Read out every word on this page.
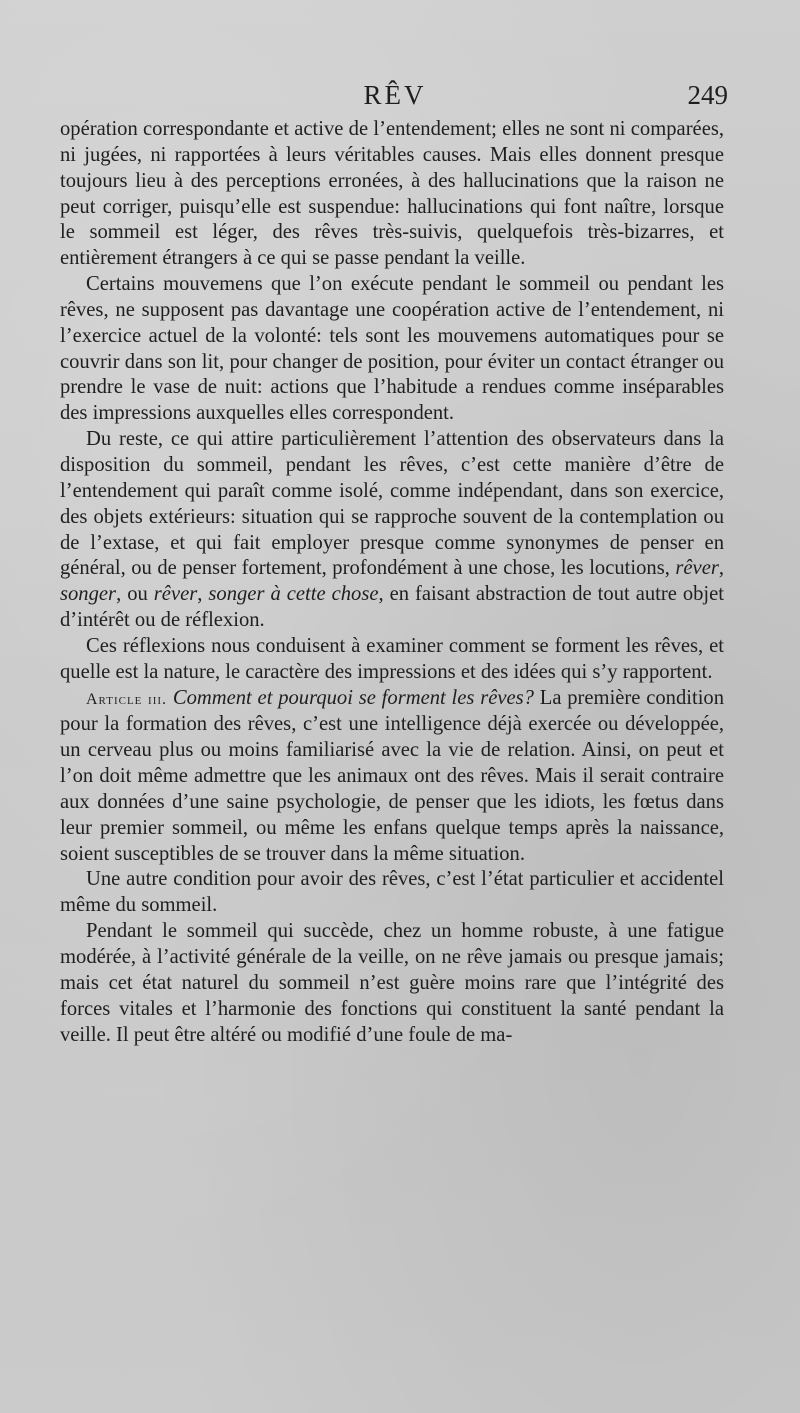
RÊV	249

opération correspondante et active de l’entendement; elles ne sont ni comparées, ni jugées, ni rapportées à leurs véritables causes. Mais elles donnent presque toujours lieu à des perceptions erronées, à des hallucinations que la raison ne peut corriger, puisqu’elle est suspendue: hallucinations qui font naître, lorsque le sommeil est léger, des rêves très-suivis, quelquefois très-bizarres, et entièrement étrangers à ce qui se passe pendant la veille.

Certains mouvemens que l’on exécute pendant le sommeil ou pendant les rêves, ne supposent pas davantage une coopération active de l’entendement, ni l’exercice actuel de la volonté: tels sont les mouvemens automatiques pour se couvrir dans son lit, pour changer de position, pour éviter un contact étranger ou prendre le vase de nuit: actions que l’habitude a rendues comme inséparables des impressions auxquelles elles correspondent.

Du reste, ce qui attire particulièrement l’attention des observateurs dans la disposition du sommeil, pendant les rêves, c’est cette manière d’être de l’entendement qui paraît comme isolé, comme indépendant, dans son exercice, des objets extérieurs: situation qui se rapproche souvent de la contemplation ou de l’extase, et qui fait employer presque comme synonymes de penser en général, ou de penser fortement, profondément à une chose, les locutions, rêver, songer, ou rêver, songer à cette chose, en faisant abstraction de tout autre objet d’intérêt ou de réflexion.

Ces réflexions nous conduisent à examiner comment se forment les rêves, et quelle est la nature, le caractère des impressions et des idées qui s’y rapportent.

Article iii. Comment et pourquoi se forment les rêves? La première condition pour la formation des rêves, c’est une intelligence déjà exercée ou développée, un cerveau plus ou moins familiarisé avec la vie de relation. Ainsi, on peut et l’on doit même admettre que les animaux ont des rêves. Mais il serait contraire aux données d’une saine psychologie, de penser que les idiots, les fœtus dans leur premier sommeil, ou même les enfans quelque temps après la naissance, soient susceptibles de se trouver dans la même situation.

Une autre condition pour avoir des rêves, c’est l’état particulier et accidentel même du sommeil.

Pendant le sommeil qui succède, chez un homme robuste, à une fatigue modérée, à l’activité générale de la veille, on ne rêve jamais ou presque jamais; mais cet état naturel du sommeil n’est guère moins rare que l’intégrité des forces vitales et l’harmonie des fonctions qui constituent la santé pendant la veille. Il peut être altéré ou modifié d’une foule de ma-
